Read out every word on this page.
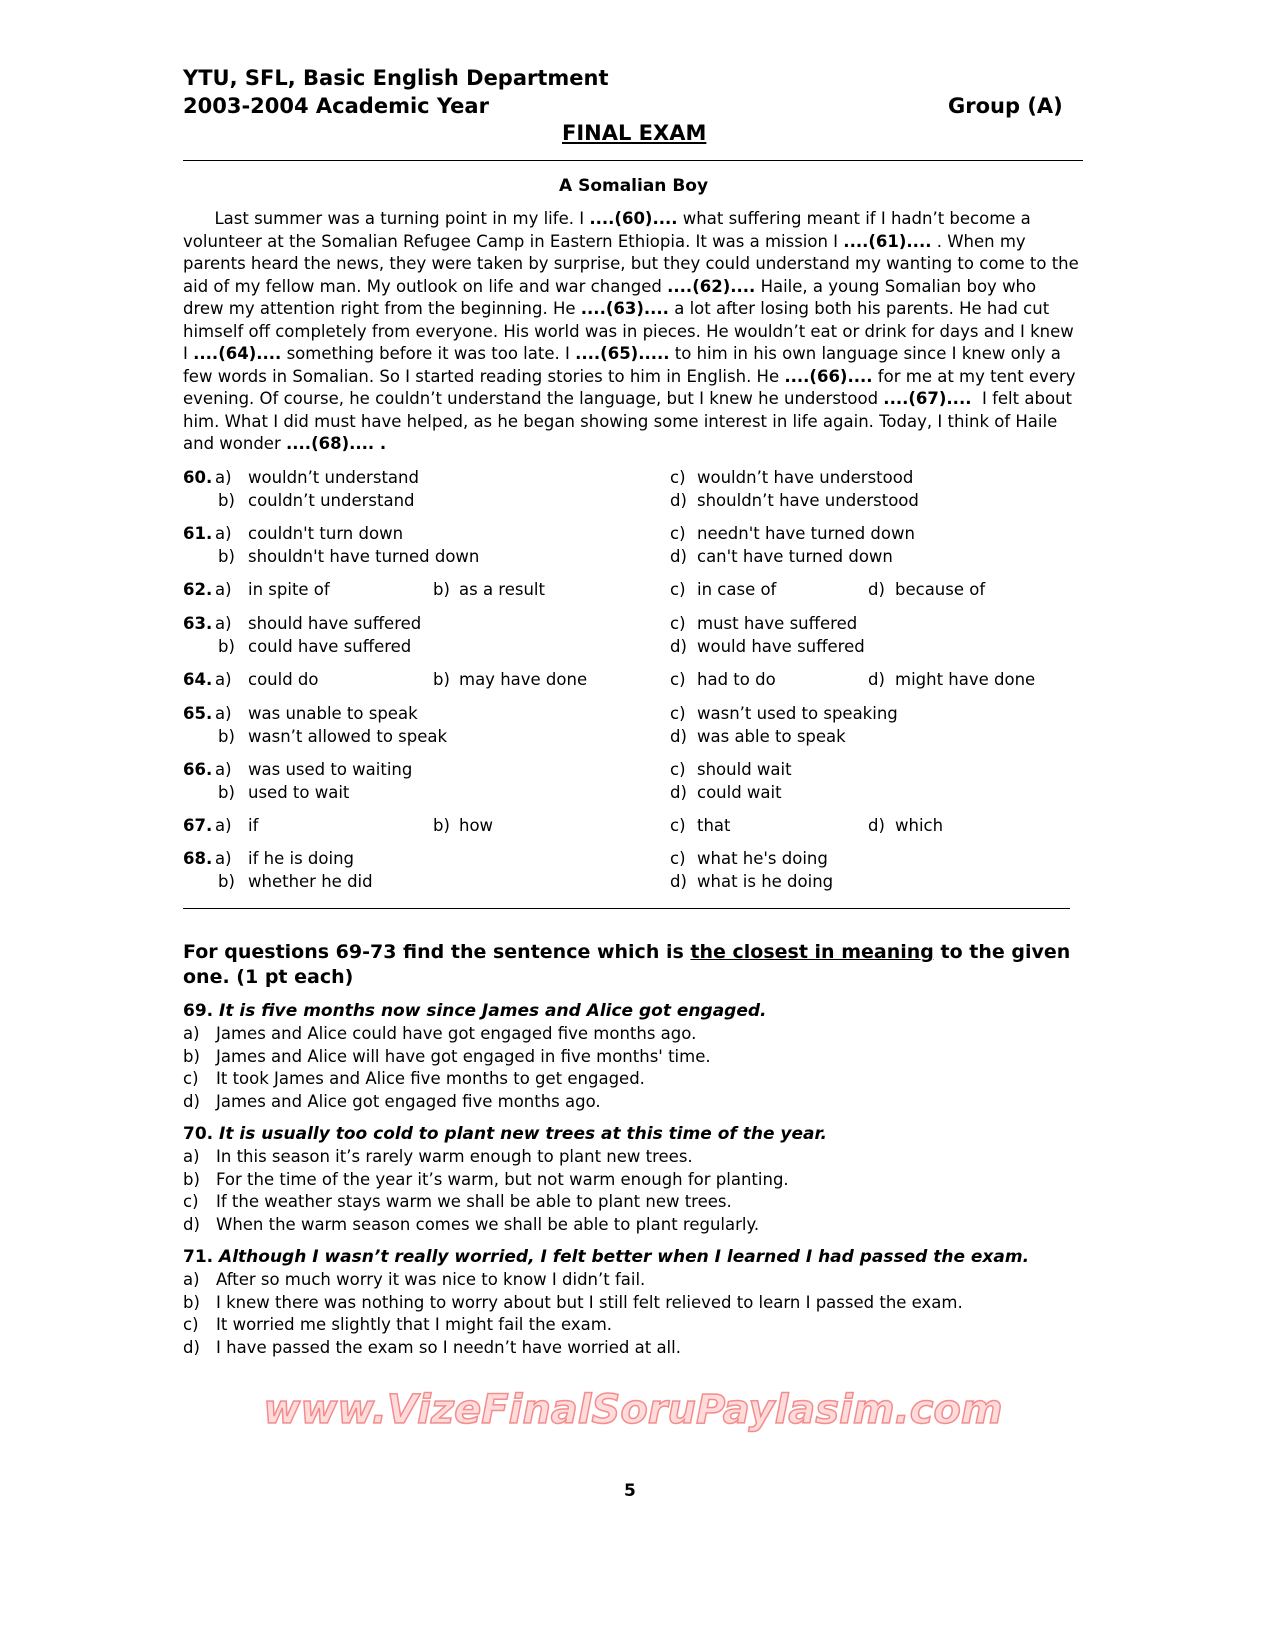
YTU, SFL, Basic English Department
2003-2004 Academic Year	Group (A)
FINAL EXAM
A Somalian Boy
Last summer was a turning point in my life. I ....(60).... what suffering meant if I hadn’t become a
volunteer at the Somalian Refugee Camp in Eastern Ethiopia. It was a mission I ....(61).... . When my
parents heard the news, they were taken by surprise, but they could understand my wanting to come to the
aid of my fellow man. My outlook on life and war changed ....(62).... Haile, a young Somalian boy who
drew my attention right from the beginning. He ....(63).... a lot after losing both his parents. He had cut
himself off completely from everyone. His world was in pieces. He wouldn’t eat or drink for days and I knew
I ....(64).... something before it was too late. I ....(65)..... to him in his own language since I knew only a
few words in Somalian. So I started reading stories to him in English. He ....(66).... for me at my tent every
evening. Of course, he couldn’t understand the language, but I knew he understood ....(67)....  I felt about
him. What I did must have helped, as he began showing some interest in life again. Today, I think of Haile
and wonder ....(68).... .
60. a) wouldn’t understand	c) wouldn’t have understood
b) couldn’t understand	d) shouldn’t have understood
61. a) couldn't turn down	c) needn't have turned down
b) shouldn't have turned down	d) can't have turned down
62. a) in spite of	b) as a result	c) in case of	d) because of
63. a) should have suffered	c) must have suffered
b) could have suffered	d) would have suffered
64. a) could do	b) may have done	c) had to do	d) might have done
65. a) was unable to speak	c) wasn’t used to speaking
b) wasn’t allowed to speak	d) was able to speak
66. a) was used to waiting	c) should wait
b) used to wait	d) could wait
67. a) if	b) how	c) that	d) which
68. a) if he is doing	c) what he's doing
b) whether he did	d) what is he doing
For questions 69-73 find the sentence which is the closest in meaning to the given one. (1 pt each)
69. It is five months now since James and Alice got engaged.
a) James and Alice could have got engaged five months ago.
b) James and Alice will have got engaged in five months' time.
c) It took James and Alice five months to get engaged.
d) James and Alice got engaged five months ago.
70. It is usually too cold to plant new trees at this time of the year.
a) In this season it’s rarely warm enough to plant new trees.
b) For the time of the year it’s warm, but not warm enough for planting.
c) If the weather stays warm we shall be able to plant new trees.
d) When the warm season comes we shall be able to plant regularly.
71. Although I wasn’t really worried, I felt better when I learned I had passed the exam.
a) After so much worry it was nice to know I didn’t fail.
b) I knew there was nothing to worry about but I still felt relieved to learn I passed the exam.
c) It worried me slightly that I might fail the exam.
d) I have passed the exam so I needn’t have worried at all.
www.VizeFinalSoruPaylasim.com
5
